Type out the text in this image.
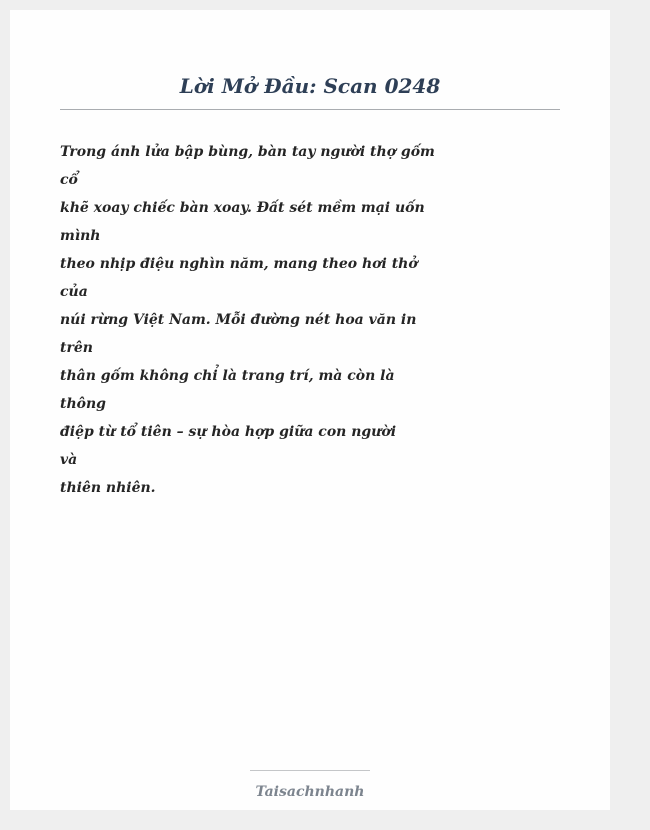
Lời Mở Đầu: Scan 0248
Trong ánh lửa bập bùng, bàn tay người thợ gốm
cổ
khẽ xoay chiếc bàn xoay. Đất sét mềm mại uốn
mình
theo nhịp điệu nghìn năm, mang theo hơi thở
của
núi rừng Việt Nam. Mỗi đường nét hoa văn in
trên
thân gốm không chỉ là trang trí, mà còn là
thông
điệp từ tổ tiên – sự hòa hợp giữa con người
và
thiên nhiên.
Taisachnhanh
